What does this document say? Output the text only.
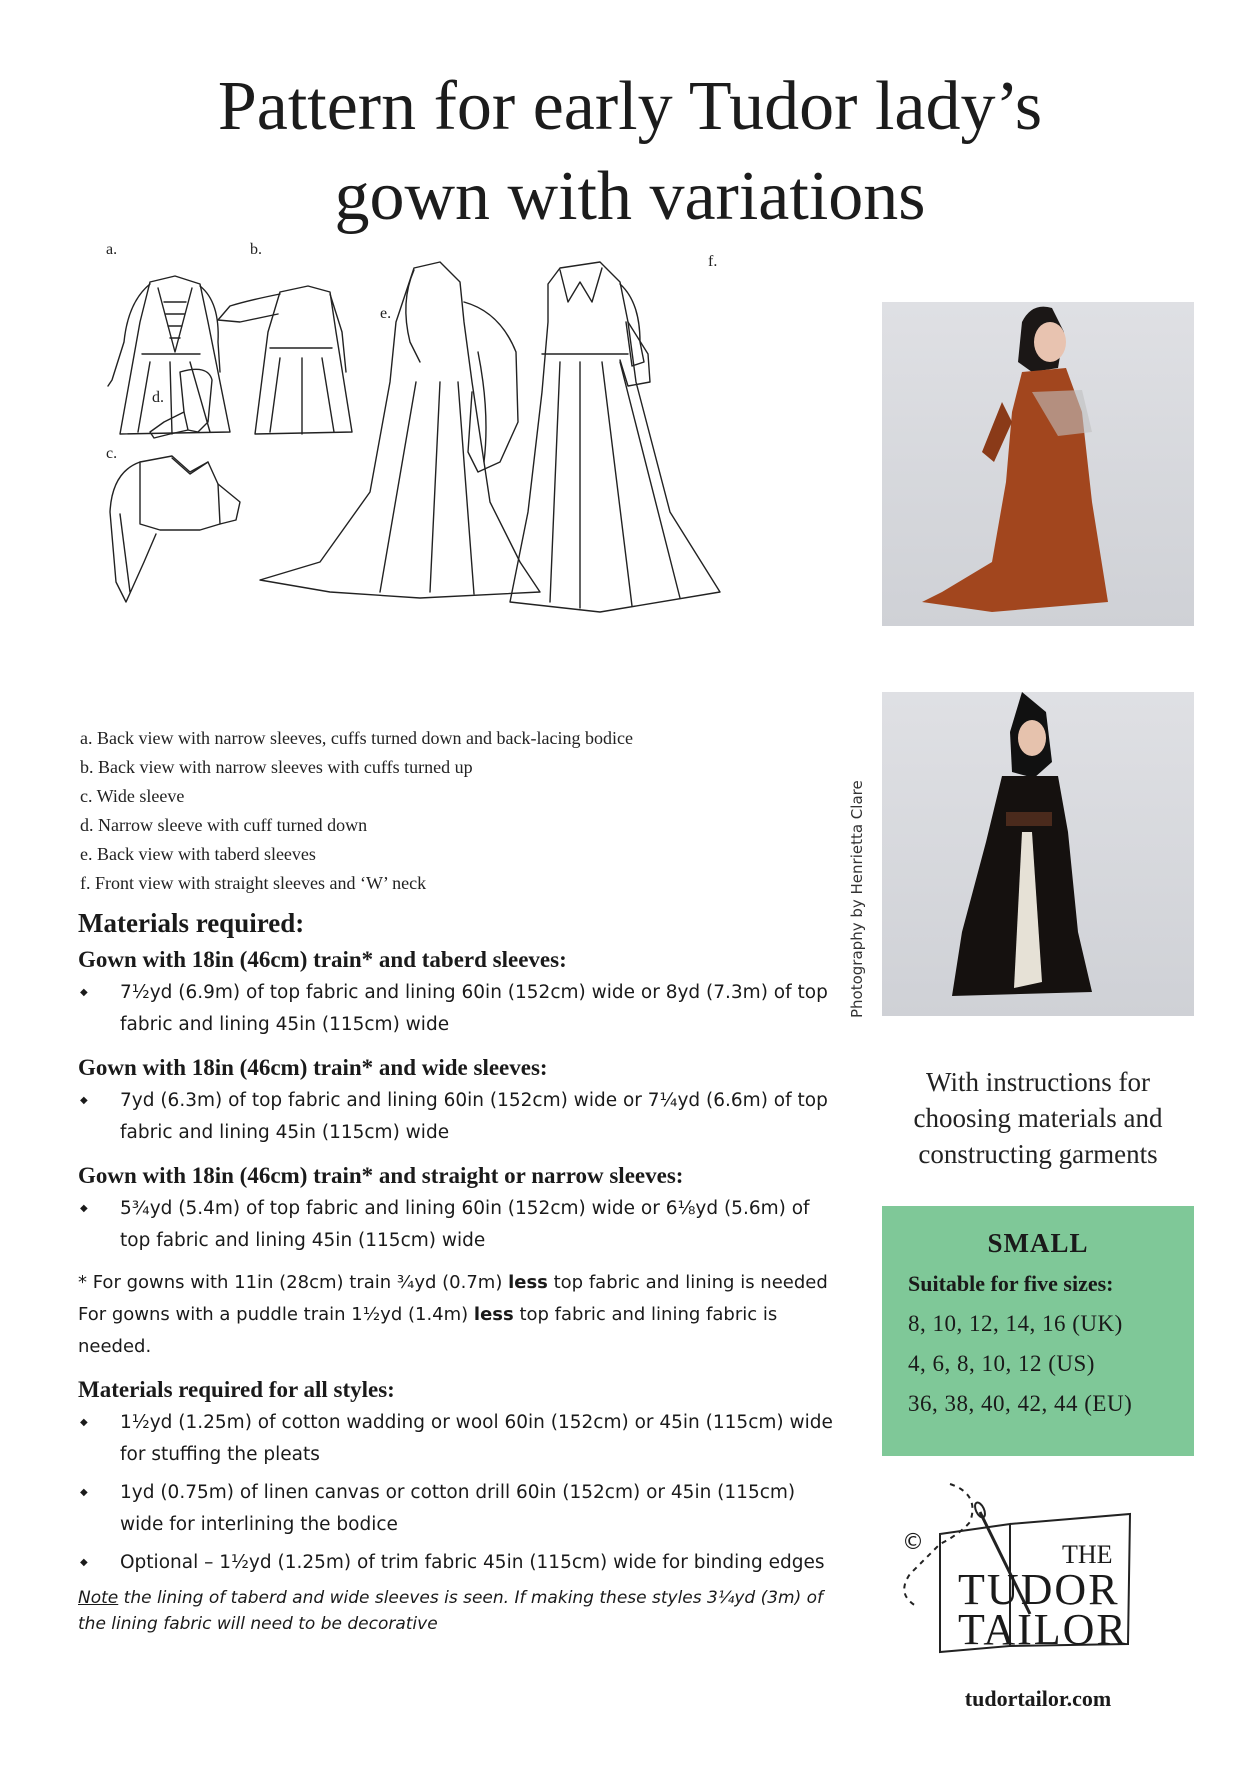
Pattern for early Tudor lady’s
gown with variations
a.	b.
c.
d.
e.
f.
a. Back view with narrow sleeves, cuffs turned down and back-lacing bodice
b. Back view with narrow sleeves with cuffs turned up
c. Wide sleeve
d. Narrow sleeve with cuff turned down
e. Back view with taberd sleeves
f. Front view with straight sleeves and ‘W’ neck	Photography by Henrietta Clare
Materials required:
Gown with 18in (46cm) train* and taberd sleeves:
◆ 7½yd (6.9m) of top fabric and lining 60in (152cm) wide or 8yd (7.3m) of top fabric and lining 45in (115cm) wide
Gown with 18in (46cm) train* and wide sleeves:
◆ 7yd (6.3m) of top fabric and lining 60in (152cm) wide or 7¼yd (6.6m) of top fabric and lining 45in (115cm) wide
Gown with 18in (46cm) train* and straight or narrow sleeves:
◆ 5¾yd (5.4m) of top fabric and lining 60in (152cm) wide or 6⅛yd (5.6m) of top fabric and lining 45in (115cm) wide
* For gowns with 11in (28cm) train ¾yd (0.7m) less top fabric and lining is needed
For gowns with a puddle train 1½yd (1.4m) less top fabric and lining fabric is needed.
Materials required for all styles:
◆ 1½yd (1.25m) of cotton wadding or wool 60in (152cm) or 45in (115cm) wide for stuffing the pleats
◆ 1yd (0.75m) of linen canvas or cotton drill 60in (152cm) or 45in (115cm) wide for interlining the bodice
◆ Optional – 1½yd (1.25m) of trim fabric 45in (115cm) wide for binding edges
Note the lining of taberd and wide sleeves is seen. If making these styles 3¼yd (3m) of the lining fabric will need to be decorative
With instructions for
choosing materials and
constructing garments
SMALL
Suitable for five sizes:
8, 10, 12, 14, 16 (UK)
4, 6, 8, 10, 12 (US)
36, 38, 40, 42, 44 (EU)
©	THE
TUDOR
TAILOR
tudortailor.com
